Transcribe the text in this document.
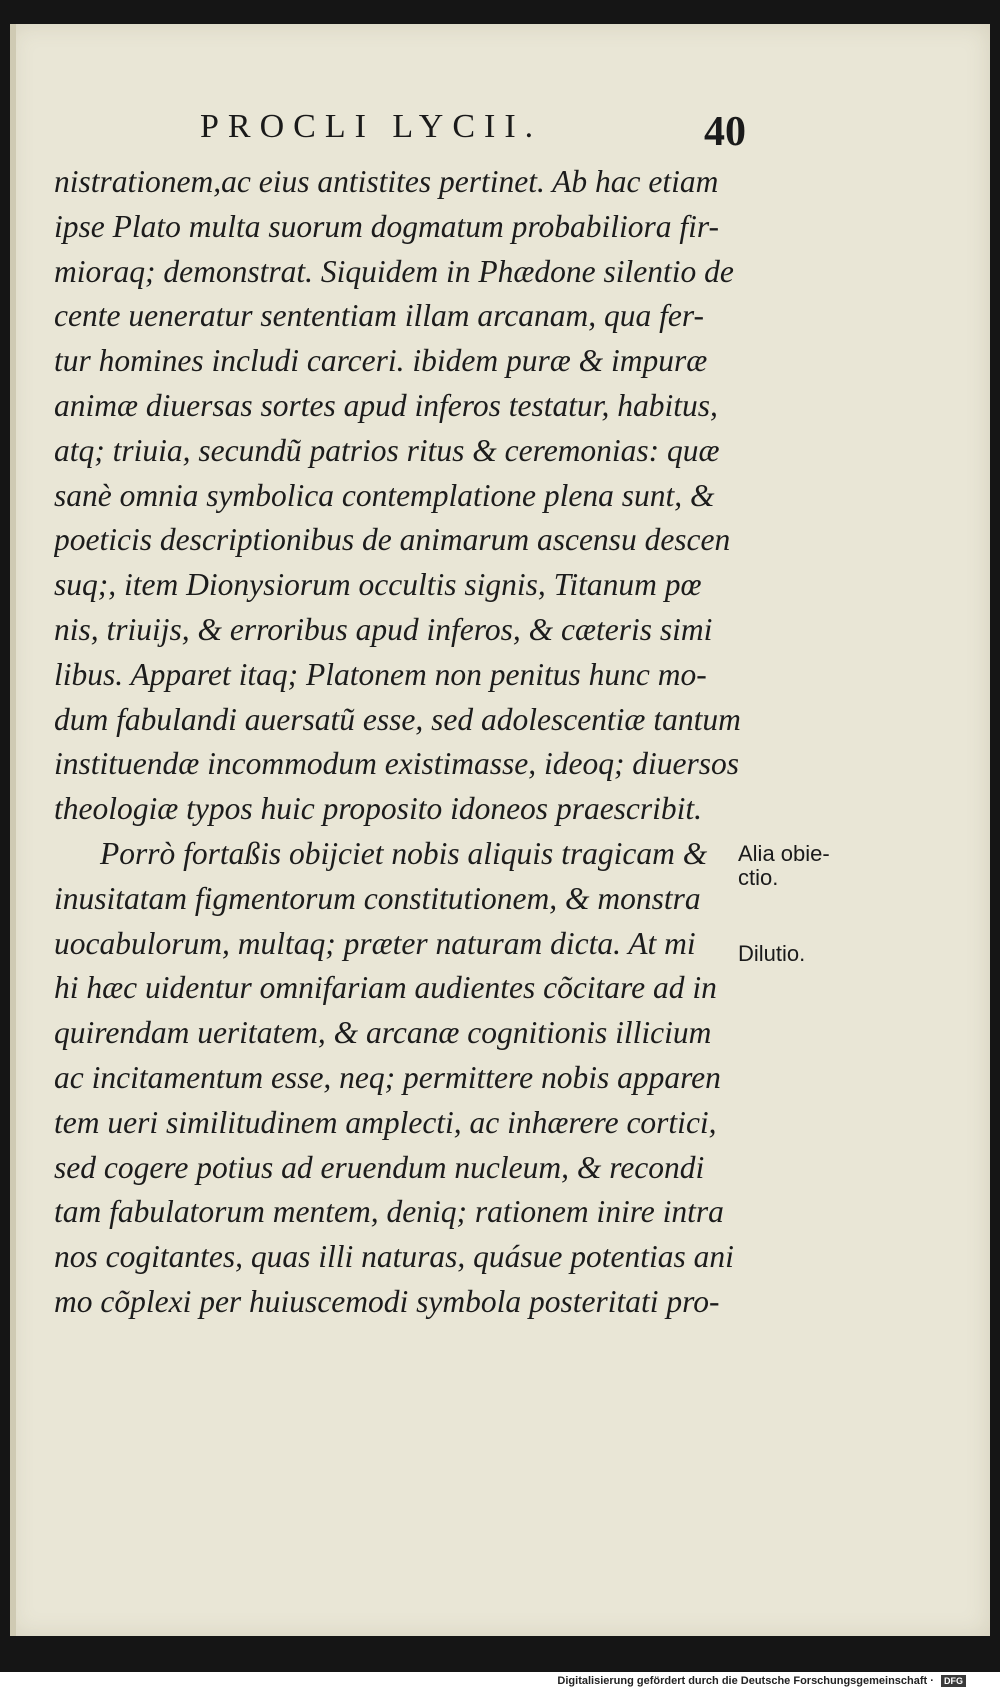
PROCLI LYCII.	40
nistrationem,ac eius antistites pertinet. Ab hac etiam
ipse Plato multa suorum dogmatum probabiliora fir-
mioraq; demonstrat. Siquidem in Phædone silentio de
cente ueneratur sententiam illam arcanam, qua fer-
tur homines includi carceri. ibidem puræ & impuræ
animæ diuersas sortes apud inferos testatur, habitus,
atq; triuia, secundũ patrios ritus & ceremonias: quæ
sanè omnia symbolica contemplatione plena sunt, &
poeticis descriptionibus de animarum ascensu descen
suq;, item Dionysiorum occultis signis, Titanum pœ
nis, triuijs, & erroribus apud inferos, & cæteris simi
libus. Apparet itaq; Platonem non penitus hunc mo-
dum fabulandi auersatũ esse, sed adolescentiæ tantum
instituendæ incommodum existimasse, ideoq; diuersos
theologiæ typos huic proposito idoneos praescribit.
Porrò fortaßis obijciet nobis aliquis tragicam &
inusitatam figmentorum constitutionem, & monstra
uocabulorum, multaq; præter naturam dicta. At mi
hi hæc uidentur omnifariam audientes cõcitare ad in
quirendam ueritatem, & arcanæ cognitionis illicium
ac incitamentum esse, neq; permittere nobis apparen
tem ueri similitudinem amplecti, ac inhærere cortici,
sed cogere potius ad eruendum nucleum, & recondi
tam fabulatorum mentem, deniq; rationem inire intra
nos cogitantes, quas illi naturas, quásue potentias ani
mo cõplexi per huiuscemodi symbola posteritati pro-
Alia obie-
ctio.
Dilutio.
Digitalisierung gefördert durch die Deutsche Forschungsgemeinschaft · DFG
